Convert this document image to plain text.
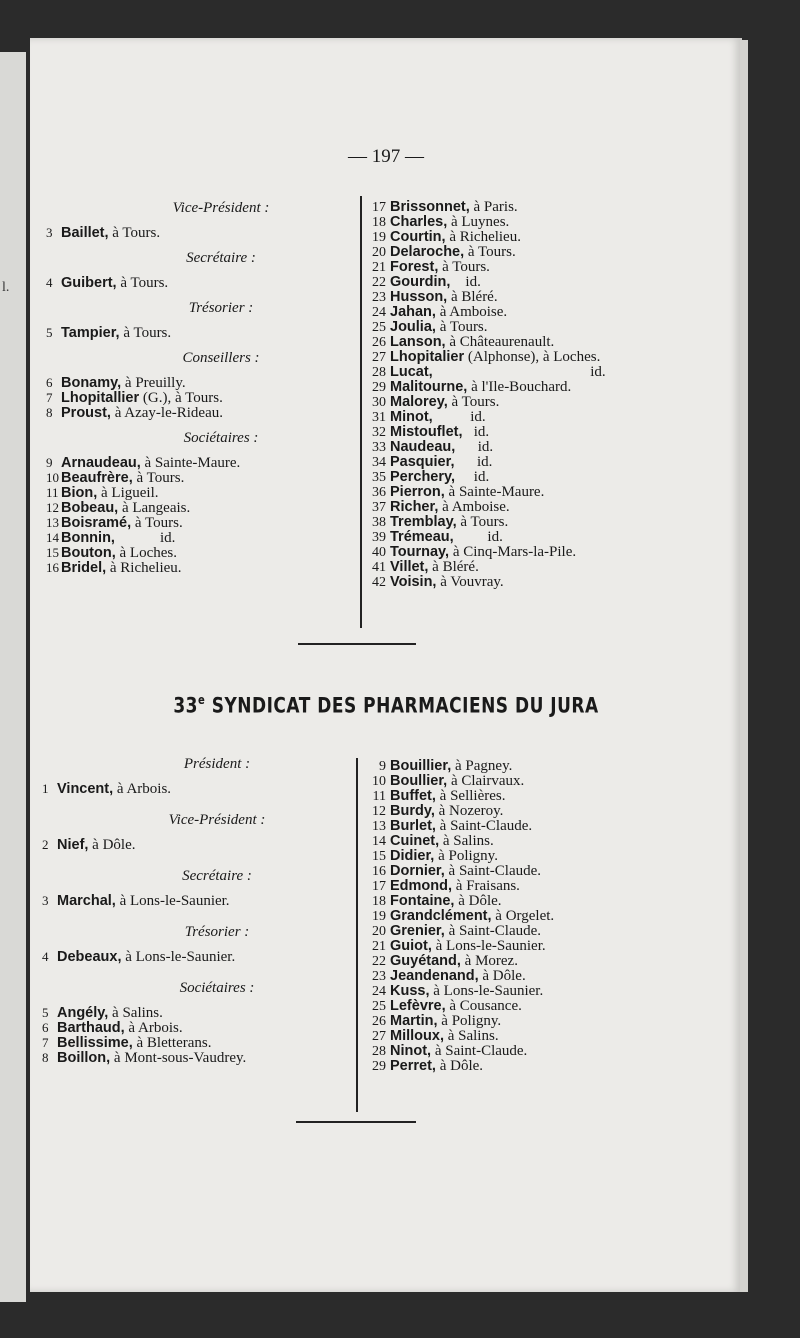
l.
— 197 —
Vice-Président :
3 Baillet, à Tours.
Secrétaire :
4 Guibert, à Tours.
Trésorier :
5 Tampier, à Tours.
Conseillers :
6 Bonamy, à Preuilly.
7 Lhopitallier (G.), à Tours.
8 Proust, à Azay-le-Rideau.
Sociétaires :
9 Arnaudeau, à Sainte-Maure.
10 Beaufrère, à Tours.
11 Bion, à Ligueil.
12 Bobeau, à Langeais.
13 Boisramé, à Tours.
14 Bonnin,            id.
15 Bouton, à Loches.
16 Bridel, à Richelieu.
17 Brissonnet, à Paris.
18 Charles, à Luynes.
19 Courtin, à Richelieu.
20 Delaroche, à Tours.
21 Forest, à Tours.
22 Gourdin,    id.
23 Husson, à Bléré.
24 Jahan, à Amboise.
25 Joulia, à Tours.
26 Lanson, à Châteaurenault.
27 Lhopitalier (Alphonse), à Loches.
28 Lucat,                                          id.
29 Malitourne, à l'Ile-Bouchard.
30 Malorey, à Tours.
31 Minot,          id.
32 Mistouflet,   id.
33 Naudeau,      id.
34 Pasquier,      id.
35 Perchery,     id.
36 Pierron, à Sainte-Maure.
37 Richer, à Amboise.
38 Tremblay, à Tours.
39 Trémeau,         id.
40 Tournay, à Cinq-Mars-la-Pile.
41 Villet, à Bléré.
42 Voisin, à Vouvray.
33e SYNDICAT DES PHARMACIENS DU JURA
Président :
1 Vincent, à Arbois.
Vice-Président :
2 Nief, à Dôle.
Secrétaire :
3 Marchal, à Lons-le-Saunier.
Trésorier :
4 Debeaux, à Lons-le-Saunier.
Sociétaires :
5 Angély, à Salins.
6 Barthaud, à Arbois.
7 Bellissime, à Bletterans.
8 Boillon, à Mont-sous-Vaudrey.
9 Bouillier, à Pagney.
10 Boullier, à Clairvaux.
11 Buffet, à Sellières.
12 Burdy, à Nozeroy.
13 Burlet, à Saint-Claude.
14 Cuinet, à Salins.
15 Didier, à Poligny.
16 Dornier, à Saint-Claude.
17 Edmond, à Fraisans.
18 Fontaine, à Dôle.
19 Grandclément, à Orgelet.
20 Grenier, à Saint-Claude.
21 Guiot, à Lons-le-Saunier.
22 Guyétand, à Morez.
23 Jeandenand, à Dôle.
24 Kuss, à Lons-le-Saunier.
25 Lefèvre, à Cousance.
26 Martin, à Poligny.
27 Milloux, à Salins.
28 Ninot, à Saint-Claude.
29 Perret, à Dôle.
